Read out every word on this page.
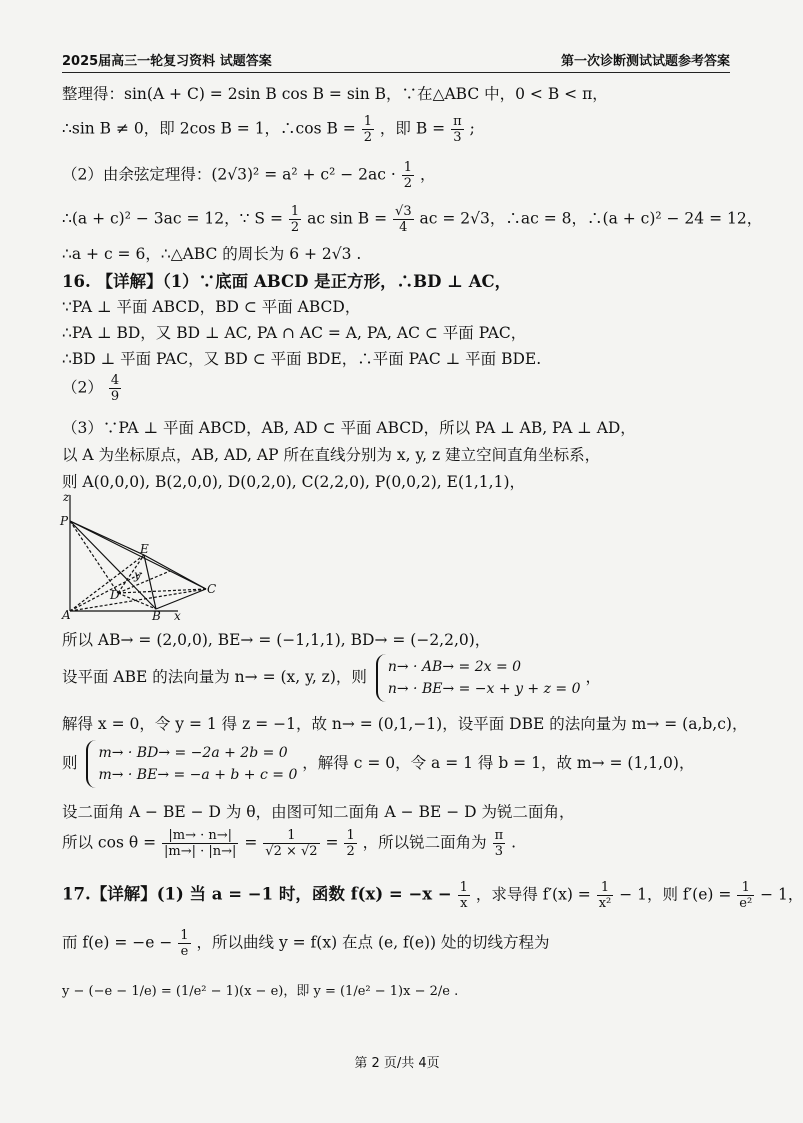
2025届高三一轮复习资料 试题答案	第一次诊断测试试题参考答案
整理得：sin(A + C) = 2sin B cos B = sin B，∵在△ABC 中，0 < B < π，
∴sin B ≠ 0，即 2cos B = 1，∴cos $B = \frac{1}{2}$ ，即 $B = \frac{\pi}{3}$ ;
（2）由余弦定理得：$(2√3)^2 = a^2 + c^2 - 2ac \cdot \frac{1}{2}$ ，
∴(a + c)² − 3ac = 12，∵ $S = \frac{1}{2}$ ac $\sin B = \frac{√3}{4}$ ac = 2√3，∴ac = 8，∴(a + c)² − 24 = 12，
∴a + c = 6，∴△ABC 的周长为 6 + 2√3 .
16. 【详解】（1）∵底面 ABCD 是正方形，∴BD ⊥ AC，
∵PA ⊥ 平面 ABCD，BD ⊂ 平面 ABCD，
∴PA ⊥ BD，又 BD ⊥ AC, PA ∩ AC = A, PA, AC ⊂ 平面 PAC，
∴BD ⊥ 平面 PAC，又 BD ⊂ 平面 BDE，∴平面 PAC ⊥ 平面 BDE.
$(2) \frac{4}{9}$
（3）∵PA ⊥ 平面 ABCD，AB, AD ⊂ 平面 ABCD，所以 PA ⊥ AB, PA ⊥ AD，
以 A 为坐标原点，AB, AD, AP 所在直线分别为 x, y, z 建立空间直角坐标系，
则 A(0,0,0), B(2,0,0), D(0,2,0), C(2,2,0), P(0,0,2), E(1,1,1)，
z
P
E
y
D	C
A	B x
所以 AB→ = (2,0,0), BE→ = (−1,1,1), BD→ = (−2,2,0)，
设平面 ABE 的法向量为 n→ = (x, y, z)，则
n→ · AB→ = 2x = 0
n→ · BE→ = −x + y + z = 0
，
解得 x = 0，令 y = 1 得 z = −1，故 n→ = (0,1,−1)，设平面 DBE 的法向量为 m→ = (a,b,c)，
则
m→ · BD→ = −2a + 2b = 0
m→ · BE→ = −a + b + c = 0
，解得 c = 0，令 a = 1 得 b = 1，故 m→ = (1,1,0)，
设二面角 A − BE − D 为 θ，由图可知二面角 A − BE − D 为锐二面角，
所以 $\cos \theta = \frac{|m\to \cdot n\to|}{|m\to| \cdot |n\to|} = \frac{1}{√2 \times √2} = \frac{1}{2}$ ，所以锐二面角为 $\frac{\pi}{3}$ .
17.【详解】(1) 当 a = −1 时，函数 $f(x) = -x - \frac{1}{x}$ ，求导得 $f'(x) = \frac{1}{\text{x²}} - 1$，则 $f'(e) = \frac{1}{\text{e²}} - 1$，
而 $f(e) = -e - \frac{1}{e}$ ，所以曲线 y = f(x) 在点 (e, f(e)) 处的切线方程为
y − (−e − 1/e) = (1/e² − 1)(x − e)，即 y = (1/e² − 1)x − 2/e .
第 2 页/共 4页
